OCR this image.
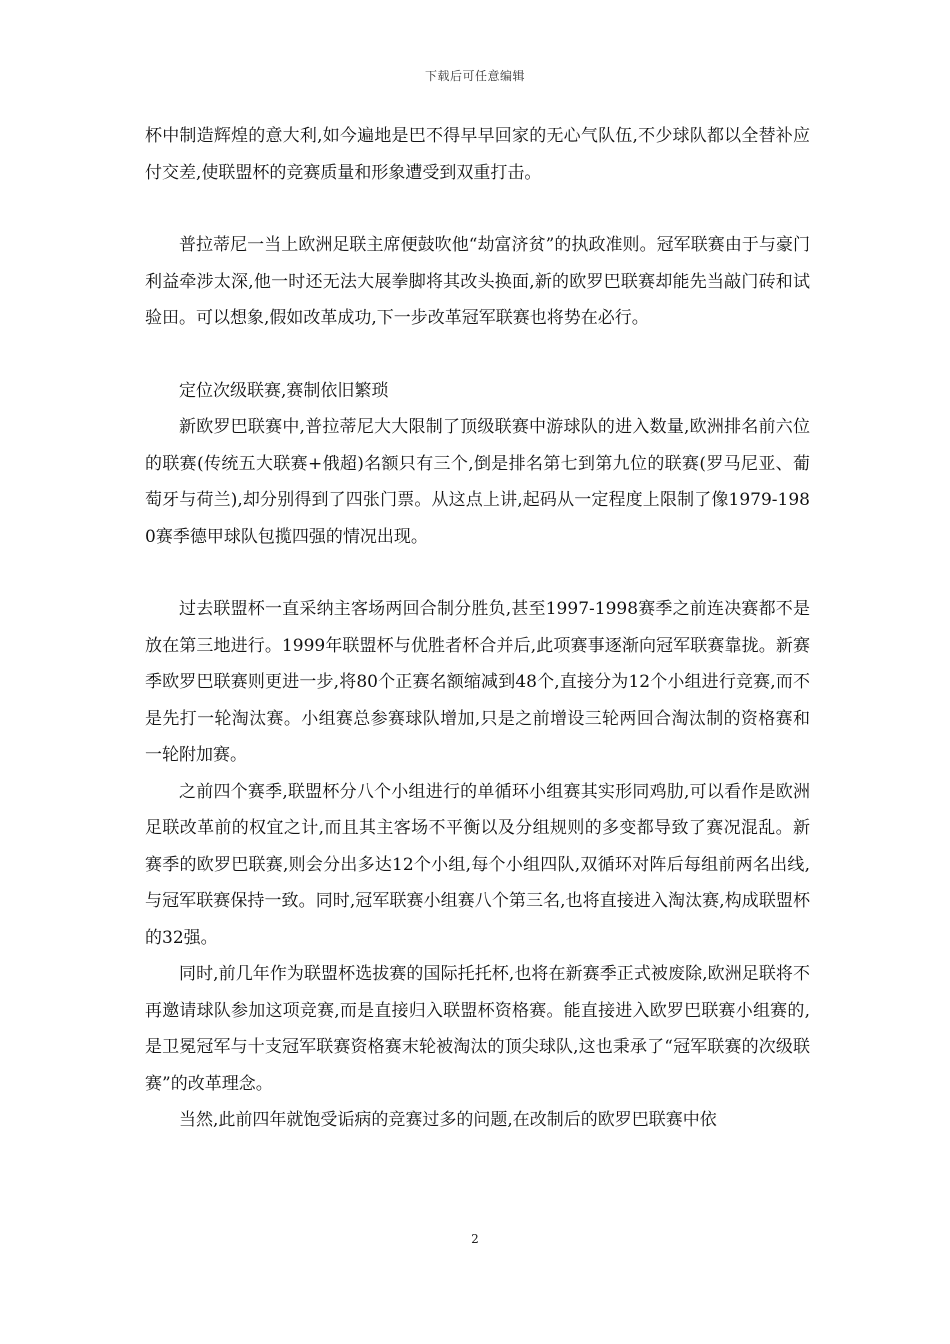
下载后可任意编辑

杯中制造辉煌的意大利,如今遍地是巴不得早早回家的无心气队伍,不少球队都以全替补应付交差,使联盟杯的竞赛质量和形象遭受到双重打击。

普拉蒂尼一当上欧洲足联主席便鼓吹他“劫富济贫”的执政准则。冠军联赛由于与豪门利益牵涉太深,他一时还无法大展拳脚将其改头换面,新的欧罗巴联赛却能先当敲门砖和试验田。可以想象,假如改革成功,下一步改革冠军联赛也将势在必行。

定位次级联赛,赛制依旧繁琐

新欧罗巴联赛中,普拉蒂尼大大限制了顶级联赛中游球队的进入数量,欧洲排名前六位的联赛(传统五大联赛+俄超)名额只有三个,倒是排名第七到第九位的联赛(罗马尼亚、葡萄牙与荷兰),却分别得到了四张门票。从这点上讲,起码从一定程度上限制了像1979-1980赛季德甲球队包揽四强的情况出现。

过去联盟杯一直采纳主客场两回合制分胜负,甚至1997-1998赛季之前连决赛都不是放在第三地进行。1999年联盟杯与优胜者杯合并后,此项赛事逐渐向冠军联赛靠拢。新赛季欧罗巴联赛则更进一步,将80个正赛名额缩减到48个,直接分为12个小组进行竞赛,而不是先打一轮淘汰赛。小组赛总参赛球队增加,只是之前增设三轮两回合淘汰制的资格赛和一轮附加赛。

之前四个赛季,联盟杯分八个小组进行的单循环小组赛其实形同鸡肋,可以看作是欧洲足联改革前的权宜之计,而且其主客场不平衡以及分组规则的多变都导致了赛况混乱。新赛季的欧罗巴联赛,则会分出多达12个小组,每个小组四队,双循环对阵后每组前两名出线,与冠军联赛保持一致。同时,冠军联赛小组赛八个第三名,也将直接进入淘汰赛,构成联盟杯的32强。

同时,前几年作为联盟杯选拔赛的国际托托杯,也将在新赛季正式被废除,欧洲足联将不再邀请球队参加这项竞赛,而是直接归入联盟杯资格赛。能直接进入欧罗巴联赛小组赛的,是卫冕冠军与十支冠军联赛资格赛末轮被淘汰的顶尖球队,这也秉承了“冠军联赛的次级联赛”的改革理念。

当然,此前四年就饱受诟病的竞赛过多的问题,在改制后的欧罗巴联赛中依

2
